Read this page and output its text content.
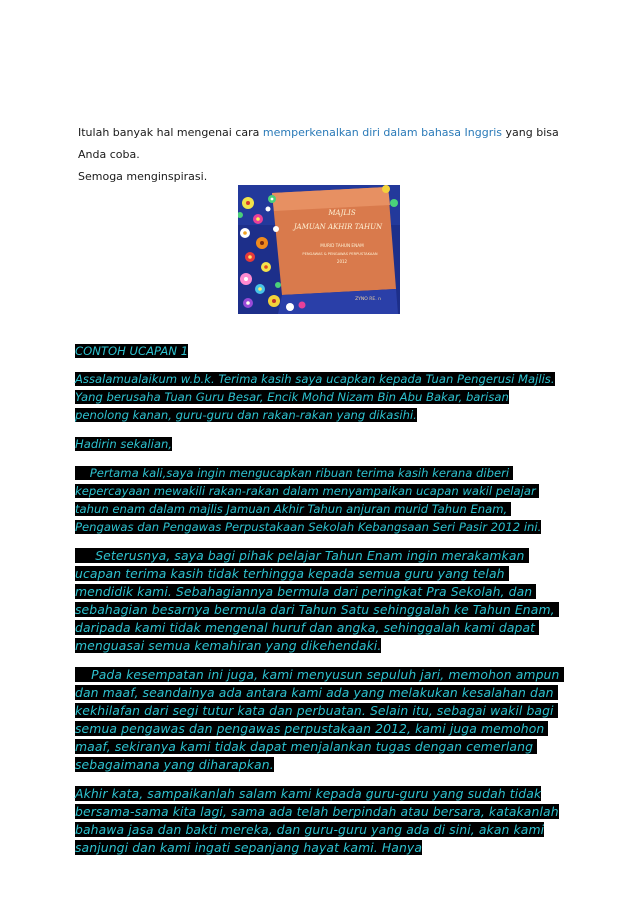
Itulah banyak hal mengenai cara memperkenalkan diri dalam bahasa Inggris yang bisa Anda coba.

Semoga menginspirasi.

MAJLIS
JAMUAN AKHIR TAHUN
MURID TAHUN ENAM
PENGAWAS & PENGAWAS PERPUSTAKAAN
2012
ZYNO RE. n

CONTOH UCAPAN 1

Assalamualaikum w.b.k. Terima kasih saya ucapkan kepada Tuan Pengerusi Majlis. Yang berusaha Tuan Guru Besar, Encik Mohd Nizam Bin Abu Bakar, barisan penolong kanan, guru-guru dan rakan-rakan yang dikasihi.

Hadirin sekalian,

Pertama kali,saya ingin mengucapkan ribuan terima kasih kerana diberi kepercayaan mewakili rakan-rakan dalam menyampaikan ucapan wakil pelajar tahun enam dalam majlis Jamuan Akhir Tahun anjuran murid Tahun Enam, Pengawas dan Pengawas Perpustakaan Sekolah Kebangsaan Seri Pasir 2012 ini.

Seterusnya, saya bagi pihak pelajar Tahun Enam ingin merakamkan ucapan terima kasih tidak terhingga kepada semua guru yang telah mendidik kami. Sebahagiannya bermula dari peringkat Pra Sekolah, dan sebahagian besarnya bermula dari Tahun Satu sehinggalah ke Tahun Enam, daripada kami tidak mengenal huruf dan angka, sehinggalah kami dapat menguasai semua kemahiran yang dikehendaki.

Pada kesempatan ini juga, kami menyusun sepuluh jari, memohon ampun dan maaf, seandainya ada antara kami ada yang melakukan kesalahan dan kekhilafan dari segi tutur kata dan perbuatan. Selain itu, sebagai wakil bagi semua pengawas dan pengawas perpustakaan 2012, kami juga memohon maaf, sekiranya kami tidak dapat menjalankan tugas dengan cemerlang sebagaimana yang diharapkan.

Akhir kata, sampaikanlah salam kami kepada guru-guru yang sudah tidak bersama-sama kita lagi, sama ada telah berpindah atau bersara, katakanlah bahawa jasa dan bakti mereka, dan guru-guru yang ada di sini, akan kami sanjungi dan kami ingati sepanjang hayat kami. Hanya
